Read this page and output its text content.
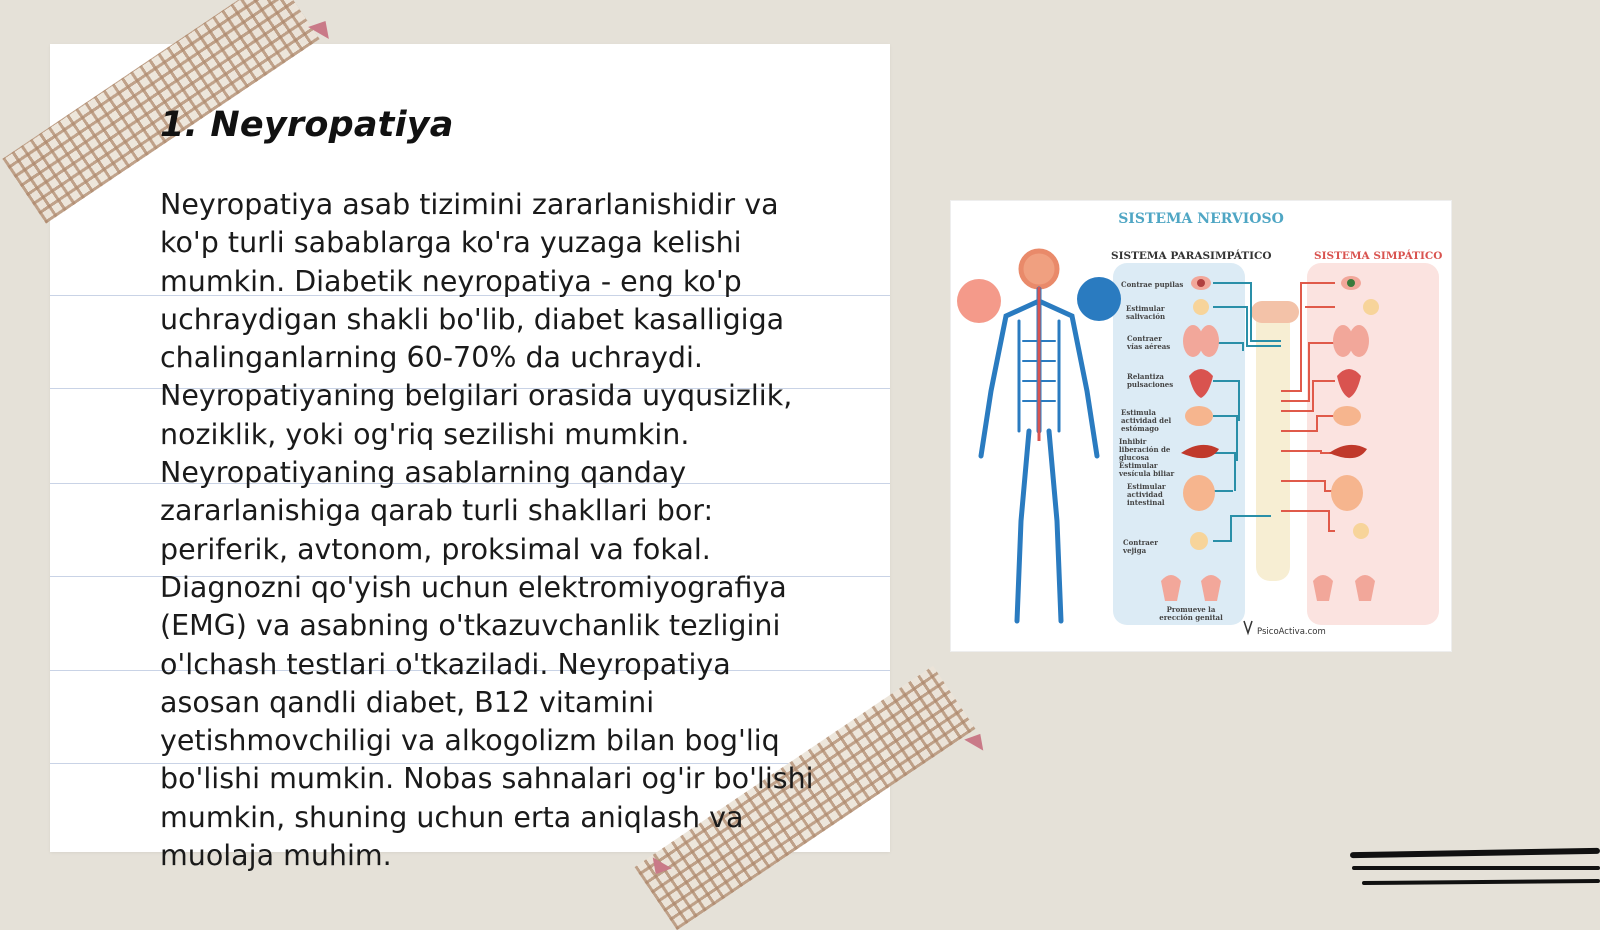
1. Neyropatiya

Neyropatiya asab tizimini zararlanishidir va ko'p turli sabablarga ko'ra yuzaga kelishi mumkin. Diabetik neyropatiya - eng ko'p uchraydigan shakli bo'lib, diabet kasalligiga chalinganlarning 60-70% da uchraydi. Neyropatiyaning belgilari orasida uyqusizlik, noziklik, yoki og'riq sezilishi mumkin. Neyropatiyaning asablarning qanday zararlanishiga qarab turli shakllari bor: periferik, avtonom, proksimal va fokal. Diagnozni qo'yish uchun elektromiyografiya (EMG) va asabning o'tkazuvchanlik tezligini o'lchash testlari o'tkaziladi. Neyropatiya asosan qandli diabet, B12 vitamini yetishmovchiligi va alkogolizm bilan bog'liq bo'lishi mumkin. Nobas sahnalari og'ir bo'lishi mumkin, shuning uchun erta aniqlash va muolaja muhim.

SISTEMA NERVIOSO
SISTEMA PARASIMPÁTICO	SISTEMA SIMPÁTICO
Contrae pupilas
Estimular salivación
Contraer vías aéreas
Relantiza pulsaciones
Estimula actividad del estómago
Inhibir liberación de glucosa Estimular vesícula biliar
Estimular actividad intestinal
Contraer vejiga
Promueve la erección genital
PsicoActiva.com
